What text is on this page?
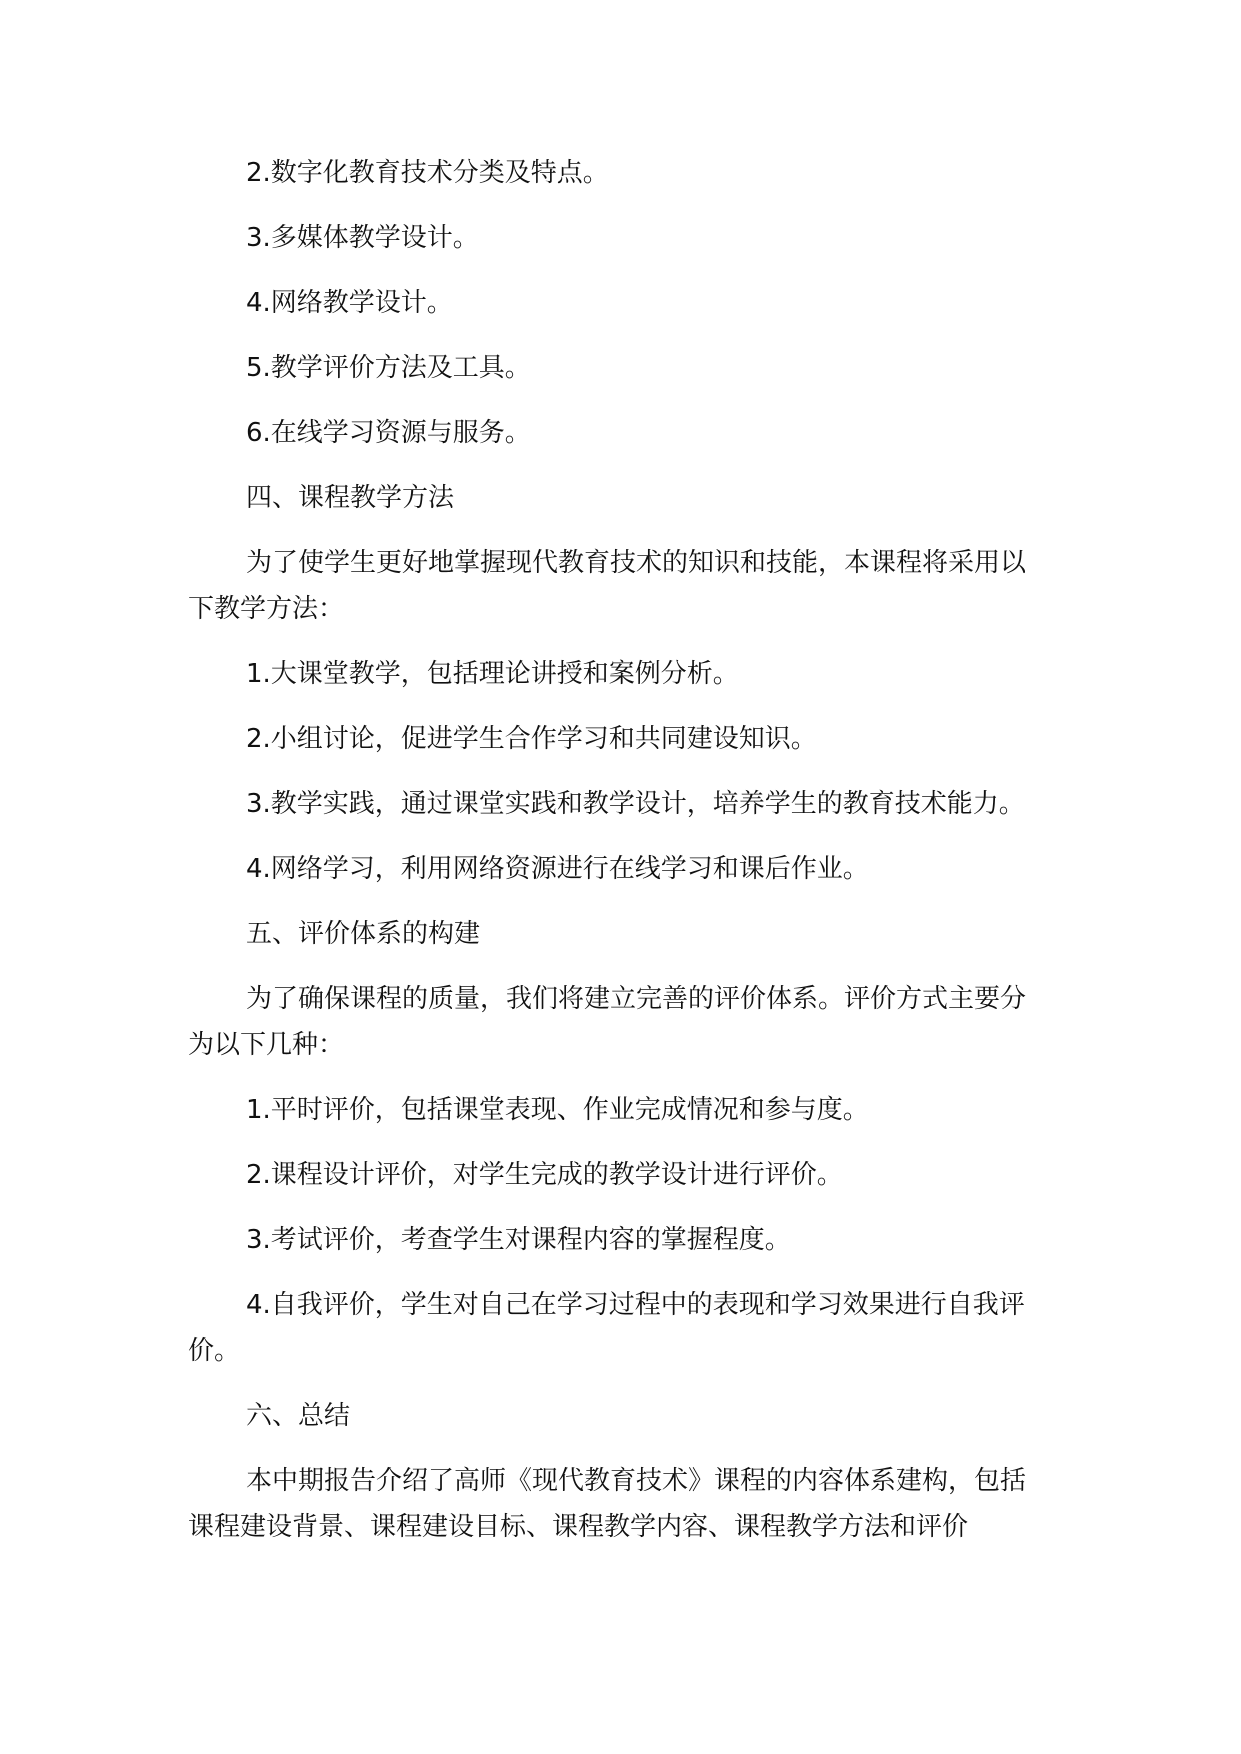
2.数字化教育技术分类及特点。

3.多媒体教学设计。

4.网络教学设计。

5.教学评价方法及工具。

6.在线学习资源与服务。

四、课程教学方法

为了使学生更好地掌握现代教育技术的知识和技能，本课程将采用以下教学方法：

1.大课堂教学，包括理论讲授和案例分析。

2.小组讨论，促进学生合作学习和共同建设知识。

3.教学实践，通过课堂实践和教学设计，培养学生的教育技术能力。

4.网络学习，利用网络资源进行在线学习和课后作业。

五、评价体系的构建

为了确保课程的质量，我们将建立完善的评价体系。评价方式主要分为以下几种：

1.平时评价，包括课堂表现、作业完成情况和参与度。

2.课程设计评价，对学生完成的教学设计进行评价。

3.考试评价，考查学生对课程内容的掌握程度。

4.自我评价，学生对自己在学习过程中的表现和学习效果进行自我评价。

六、总结

本中期报告介绍了高师《现代教育技术》课程的内容体系建构，包括课程建设背景、课程建设目标、课程教学内容、课程教学方法和评价
